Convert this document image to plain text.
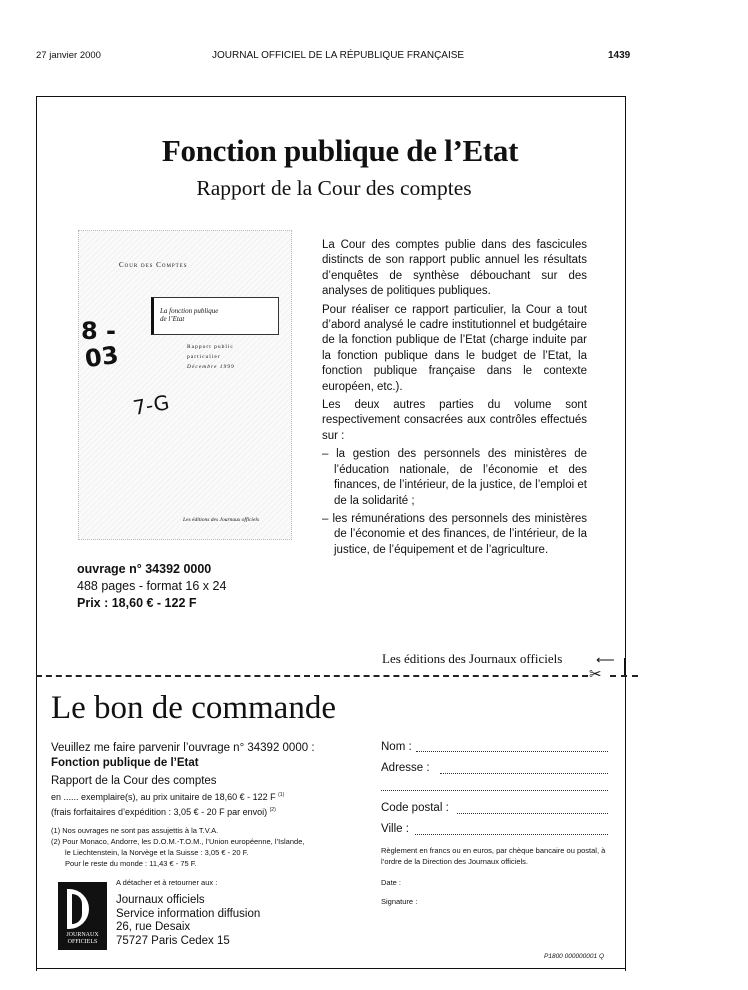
27 janvier 2000	JOURNAL OFFICIEL DE LA RÉPUBLIQUE FRANÇAISE	1439
Fonction publique de l’Etat
Rapport de la Cour des comptes
Cour des Comptes
La fonction publique
de l’Etat
Rapport public
particulier
Décembre 1999
8 -
03
7-G
Les éditions des Journaux officiels
La Cour des comptes publie dans des fascicules distincts de son rapport public annuel les résultats d’enquêtes de synthèse débouchant sur des analyses de politiques publiques.
Pour réaliser ce rapport particulier, la Cour a tout d’abord analysé le cadre institutionnel et budgétaire de la fonction publique de l’Etat (charge induite par la fonction publique dans le budget de l’Etat, la fonction publique française dans le contexte européen, etc.).
Les deux autres parties du volume sont respectivement consacrées aux contrôles effectués sur :
– la gestion des personnels des ministères de l’éducation nationale, de l’économie et des finances, de l’intérieur, de la justice, de l’emploi et de la solidarité ;
– les rémunérations des personnels des ministères de l’économie et des finances, de l’intérieur, de la justice, de l’équipement et de l’agriculture.
ouvrage n° 34392 0000
488 pages - format 16 x 24
Prix : 18,60 € - 122 F
Les éditions des Journaux officiels	⟵
✂
Le bon de commande
Veuillez me faire parvenir l’ouvrage n° 34392 0000 :
Fonction publique de l’Etat
Rapport de la Cour des comptes
en ...... exemplaire(s), au prix unitaire de 18,60 € - 122 F $^{(1)}$
(frais forfaitaires d’expédition : 3,05 € - 20 F par envoi) $^{(2)}$
(1) Nos ouvrages ne sont pas assujettis à la T.V.A.
(2) Pour Monaco, Andorre, les D.O.M.-T.O.M., l’Union européenne, l’Islande,
le Liechtenstein, la Norvège et la Suisse : 3,05 € - 20 F.
Pour le reste du monde : 11,43 € - 75 F.
JOURNAUX
OFFICIELS
A détacher et à retourner aux :
Journaux officiels
Service information diffusion
26, rue Desaix
75727 Paris Cedex 15
Nom :
Adresse :
Code postal :
Ville :
Règlement en francs ou en euros, par chèque bancaire ou postal, à l’ordre de la Direction des Journaux officiels.
Date :
Signature :
P1800 000000001 Q
